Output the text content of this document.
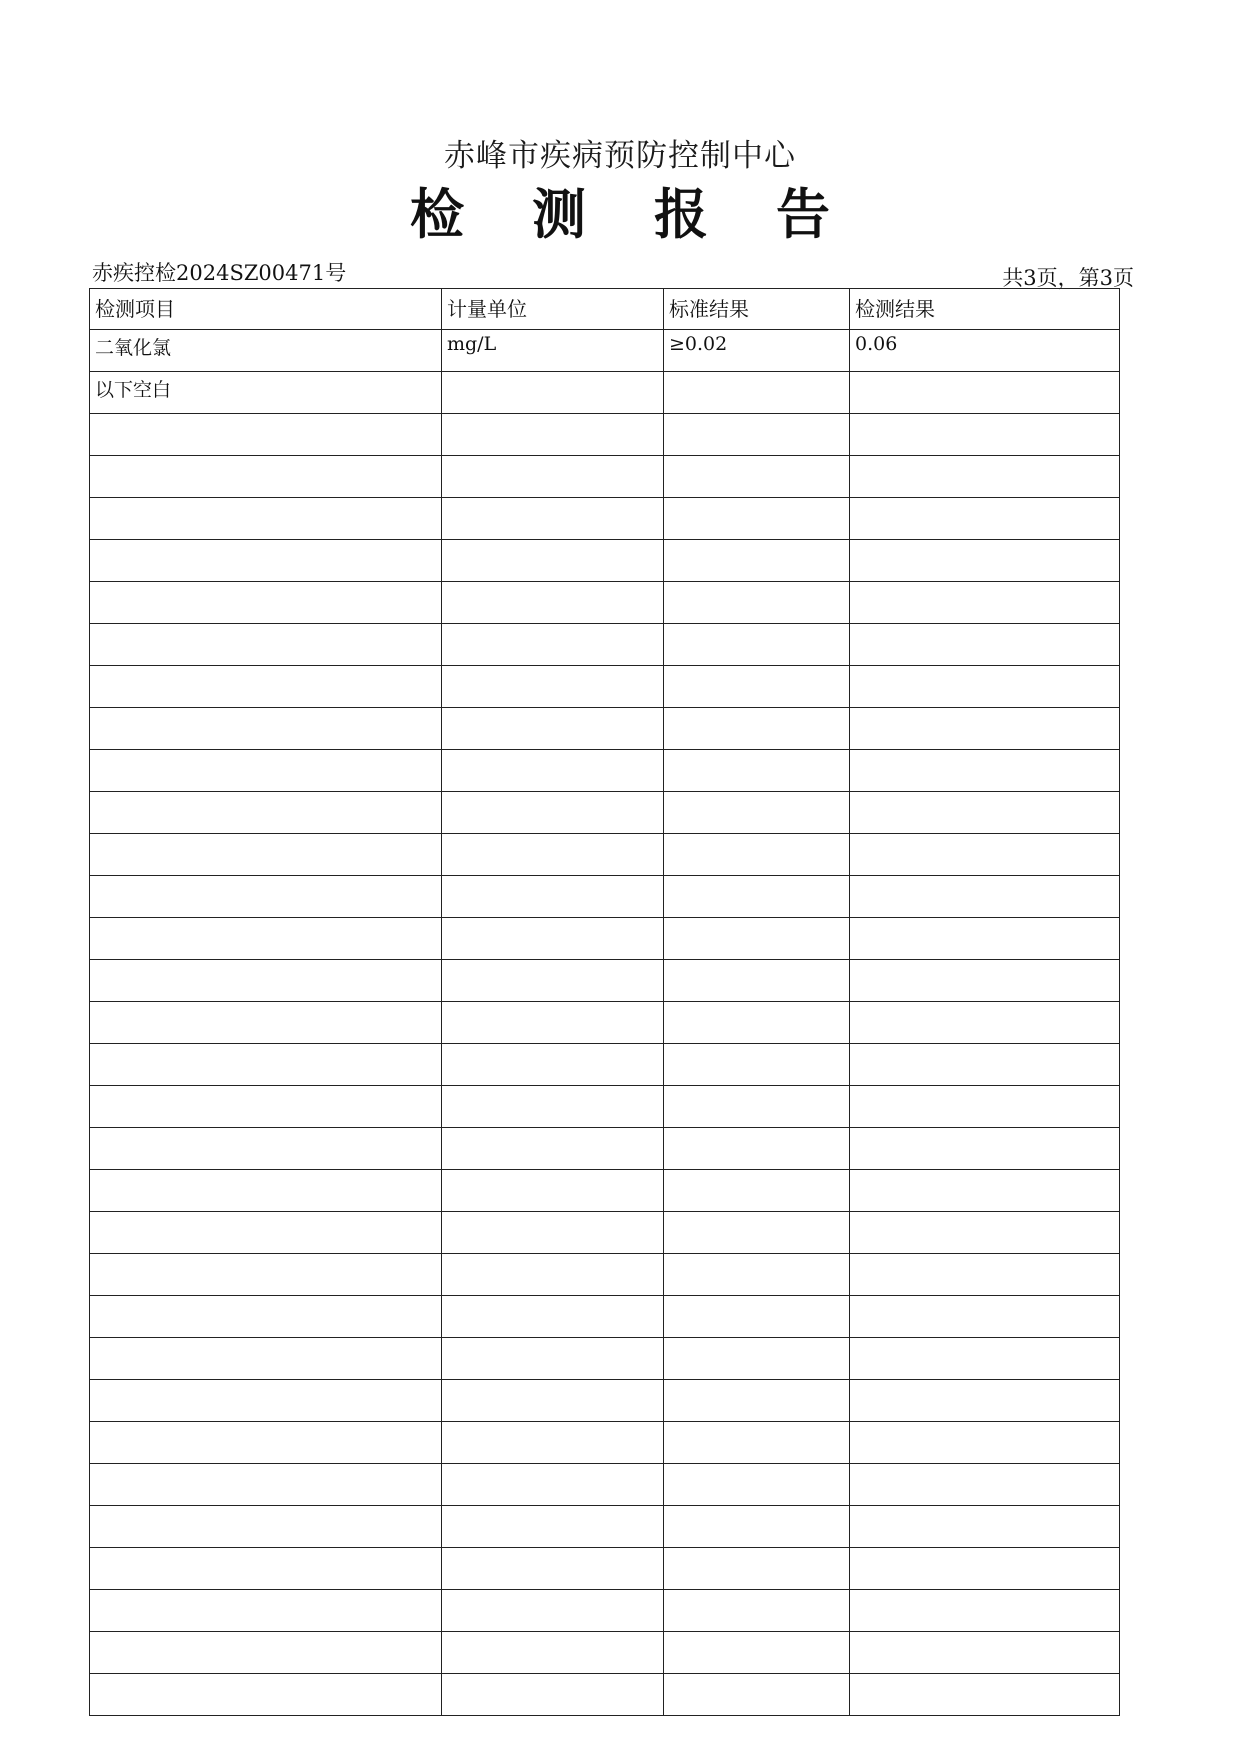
赤峰市疾病预防控制中心
检 测 报 告
赤疾控检2024SZ00471号	共3页，第3页
检测项目	计量单位	标准结果	检测结果
二氧化氯	mg/L	≥0.02	0.06
以下空白			
